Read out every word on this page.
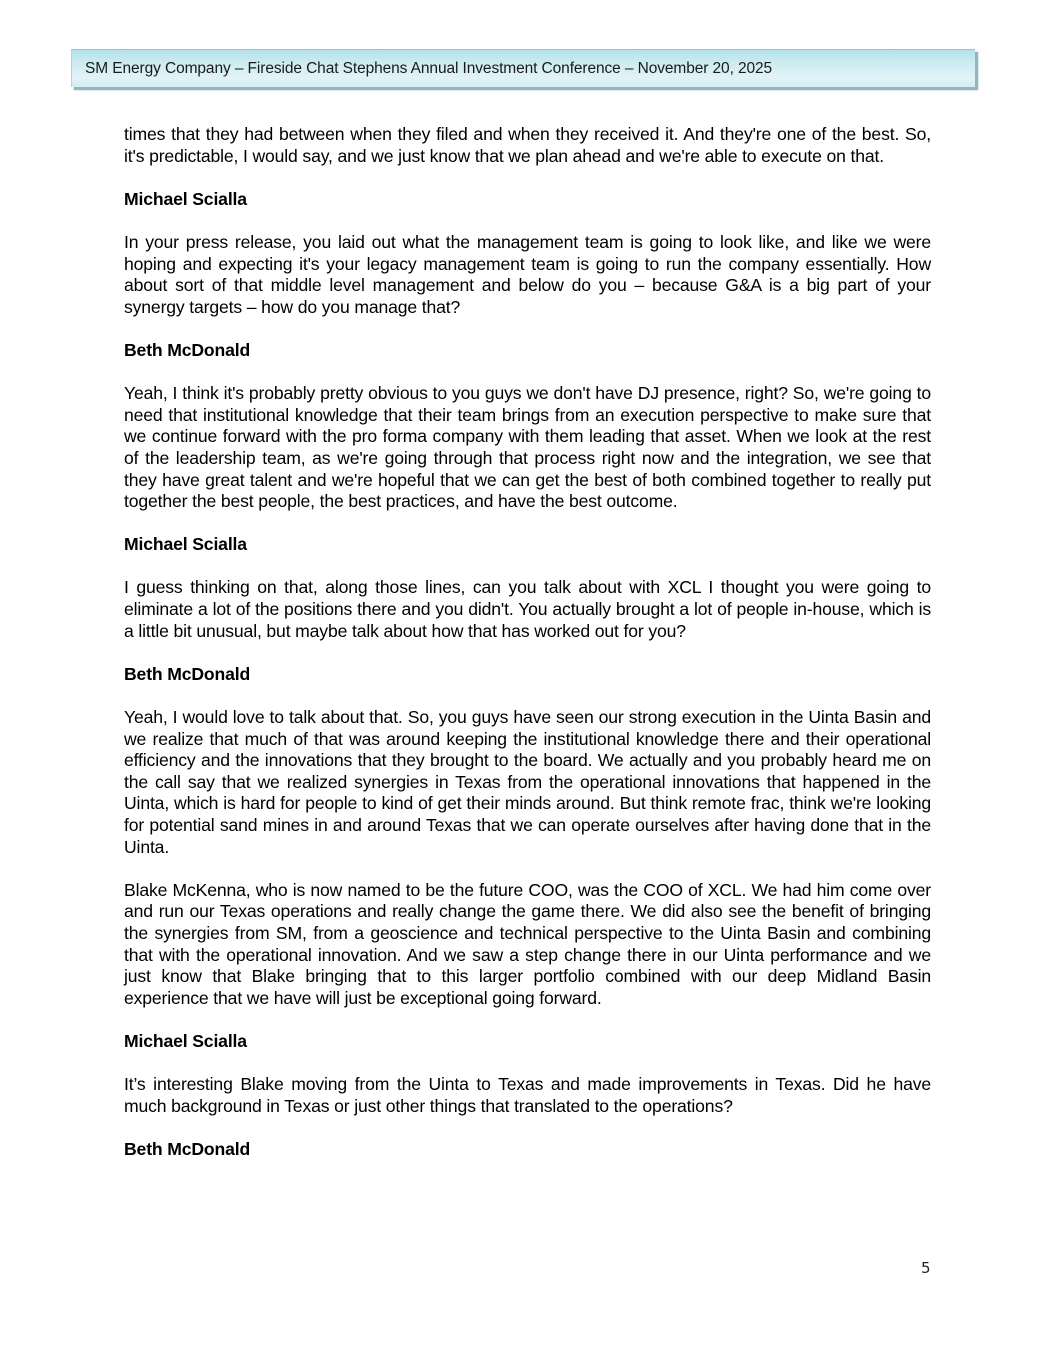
SM Energy Company – Fireside Chat Stephens Annual Investment Conference – November 20, 2025

times that they had between when they filed and when they received it. And they're one of the best. So, it's predictable, I would say, and we just know that we plan ahead and we're able to execute on that.

Michael Scialla

In your press release, you laid out what the management team is going to look like, and like we were hoping and expecting it's your legacy management team is going to run the company essentially. How about sort of that middle level management and below do you – because G&A is a big part of your synergy targets – how do you manage that?

Beth McDonald

Yeah, I think it's probably pretty obvious to you guys we don't have DJ presence, right? So, we're going to need that institutional knowledge that their team brings from an execution perspective to make sure that we continue forward with the pro forma company with them leading that asset. When we look at the rest of the leadership team, as we're going through that process right now and the integration, we see that they have great talent and we're hopeful that we can get the best of both combined together to really put together the best people, the best practices, and have the best outcome.

Michael Scialla

I guess thinking on that, along those lines, can you talk about with XCL I thought you were going to eliminate a lot of the positions there and you didn't. You actually brought a lot of people in-house, which is a little bit unusual, but maybe talk about how that has worked out for you?

Beth McDonald

Yeah, I would love to talk about that. So, you guys have seen our strong execution in the Uinta Basin and we realize that much of that was around keeping the institutional knowledge there and their operational efficiency and the innovations that they brought to the board. We actually and you probably heard me on the call say that we realized synergies in Texas from the operational innovations that happened in the Uinta, which is hard for people to kind of get their minds around. But think remote frac, think we're looking for potential sand mines in and around Texas that we can operate ourselves after having done that in the Uinta.

Blake McKenna, who is now named to be the future COO, was the COO of XCL. We had him come over and run our Texas operations and really change the game there. We did also see the benefit of bringing the synergies from SM, from a geoscience and technical perspective to the Uinta Basin and combining that with the operational innovation. And we saw a step change there in our Uinta performance and we just know that Blake bringing that to this larger portfolio combined with our deep Midland Basin experience that we have will just be exceptional going forward.

Michael Scialla

It’s interesting Blake moving from the Uinta to Texas and made improvements in Texas. Did he have much background in Texas or just other things that translated to the operations?

Beth McDonald

5
